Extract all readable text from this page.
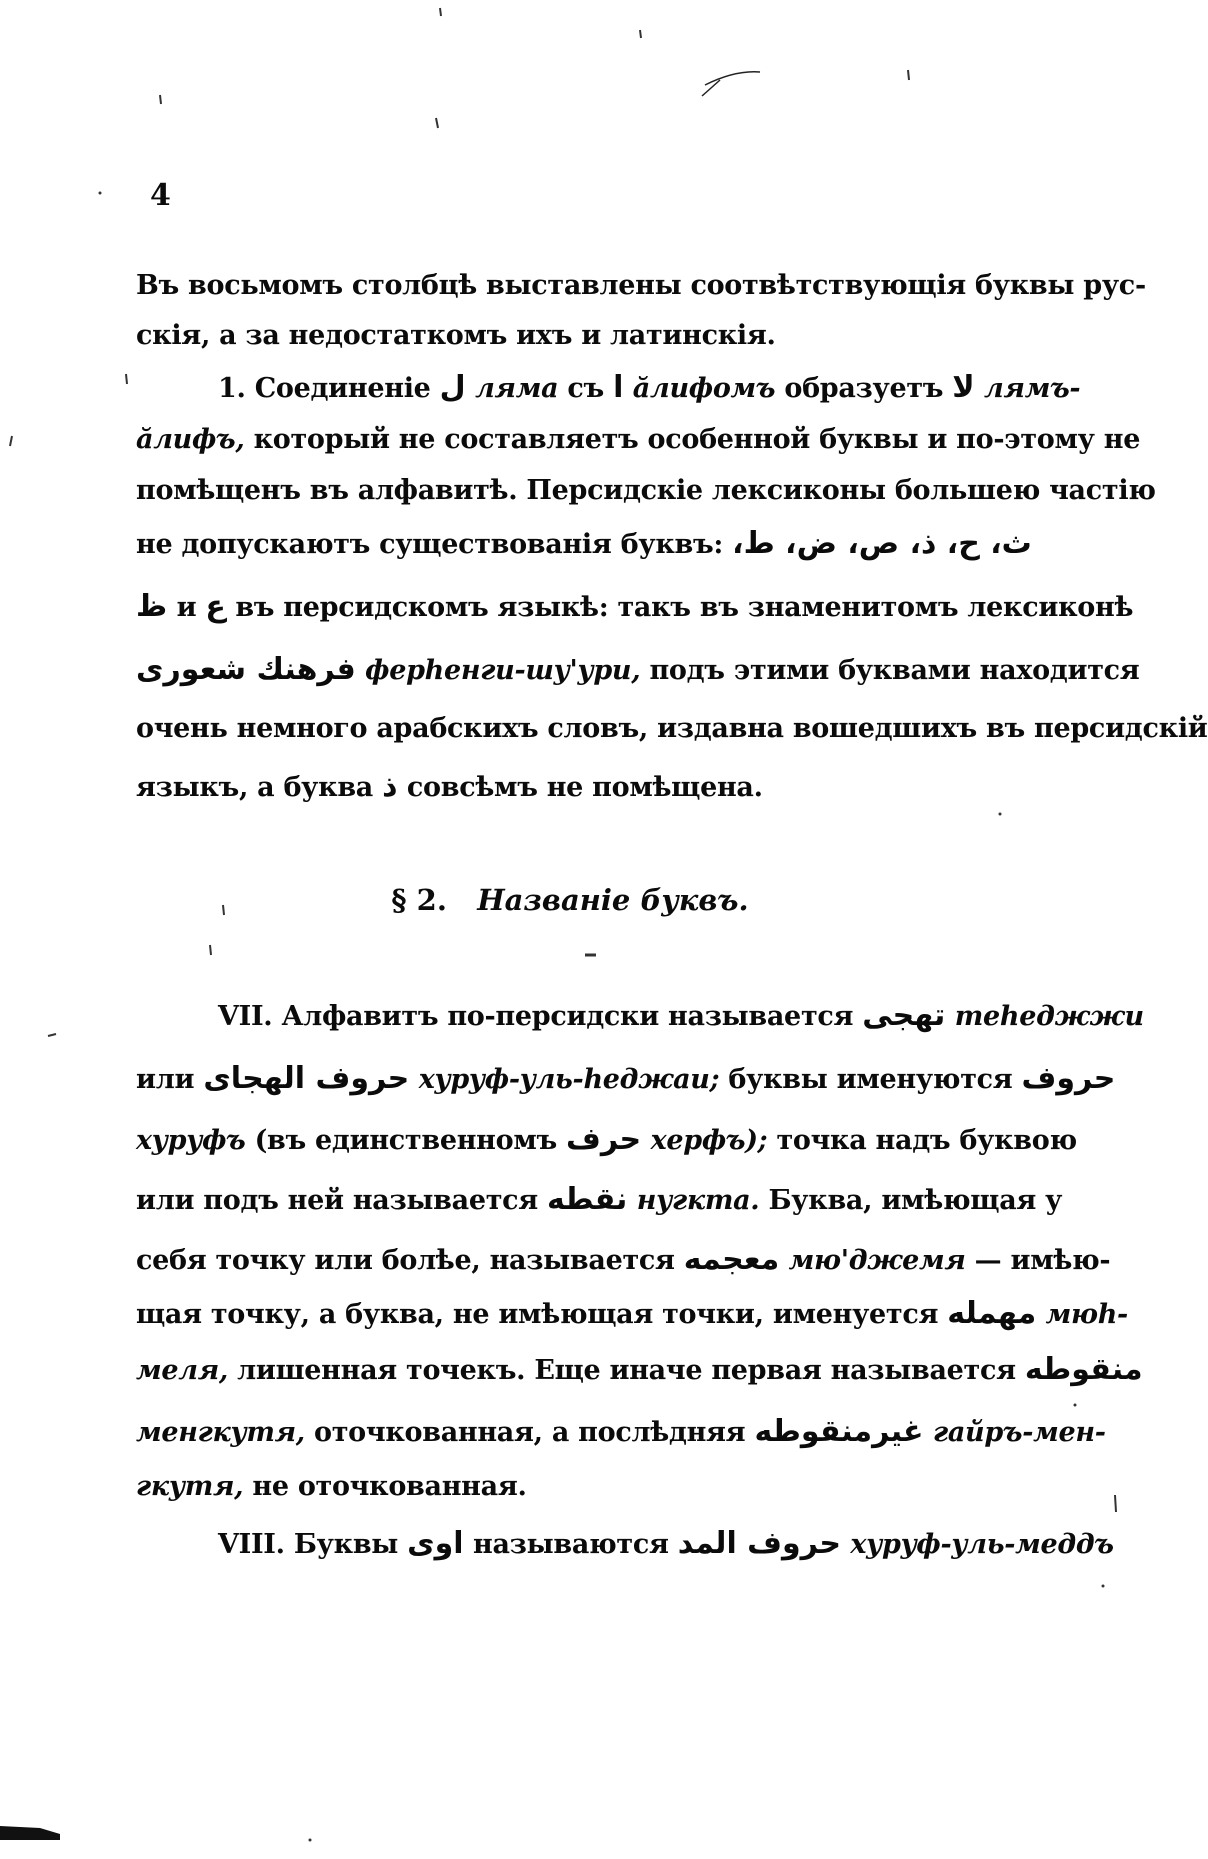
4
Въ восьмомъ столбцѣ выставлены соотвѣтствующія буквы рус-
скія, а за недостаткомъ ихъ и латинскія.
1. Соединеніе ل ляма съ ا ăлифомъ образуетъ لا лямъ-
ăлифъ, который не составляетъ особенной буквы и по-этому не
помѣщенъ въ алфавитѣ. Персидскіе лексиконы большею частію
не допускаютъ существованія буквъ: ث، ح، ذ، ص، ض، ط،
ظ и ع въ персидскомъ языкѣ: такъ въ знаменитомъ лексиконѣ
فرهنك شعورى ферhенги-шу'ури, подъ этими буквами находится
очень немного арабскихъ словъ, издавна вошедшихъ въ персидскій
языкъ, а буква ذ совсѣмъ не помѣщена.
§ 2. Названіе буквъ.
VII. Алфавитъ по-персидски называется تهجى теhеджжи
или حروف الهجاى хуруф-уль-hеджаи; буквы именуются حروف
хуруфъ (въ единственномъ حرف херфъ); точка надъ буквою
или подъ ней называется نقطه нугкта. Буква, имѣющая у
себя точку или болѣе, называется معجمه мю'джемя — имѣю-
щая точку, а буква, не имѣющая точки, именуется مهمله мюh-
меля, лишенная точекъ. Еще иначе первая называется منقوطه
менгкутя, оточкованная, а послѣдняя غيرمنقوطه гайръ-мен-
гкутя, не оточкованная.
VIII. Буквы اوى называются حروف المد хуруф-уль-меддъ
